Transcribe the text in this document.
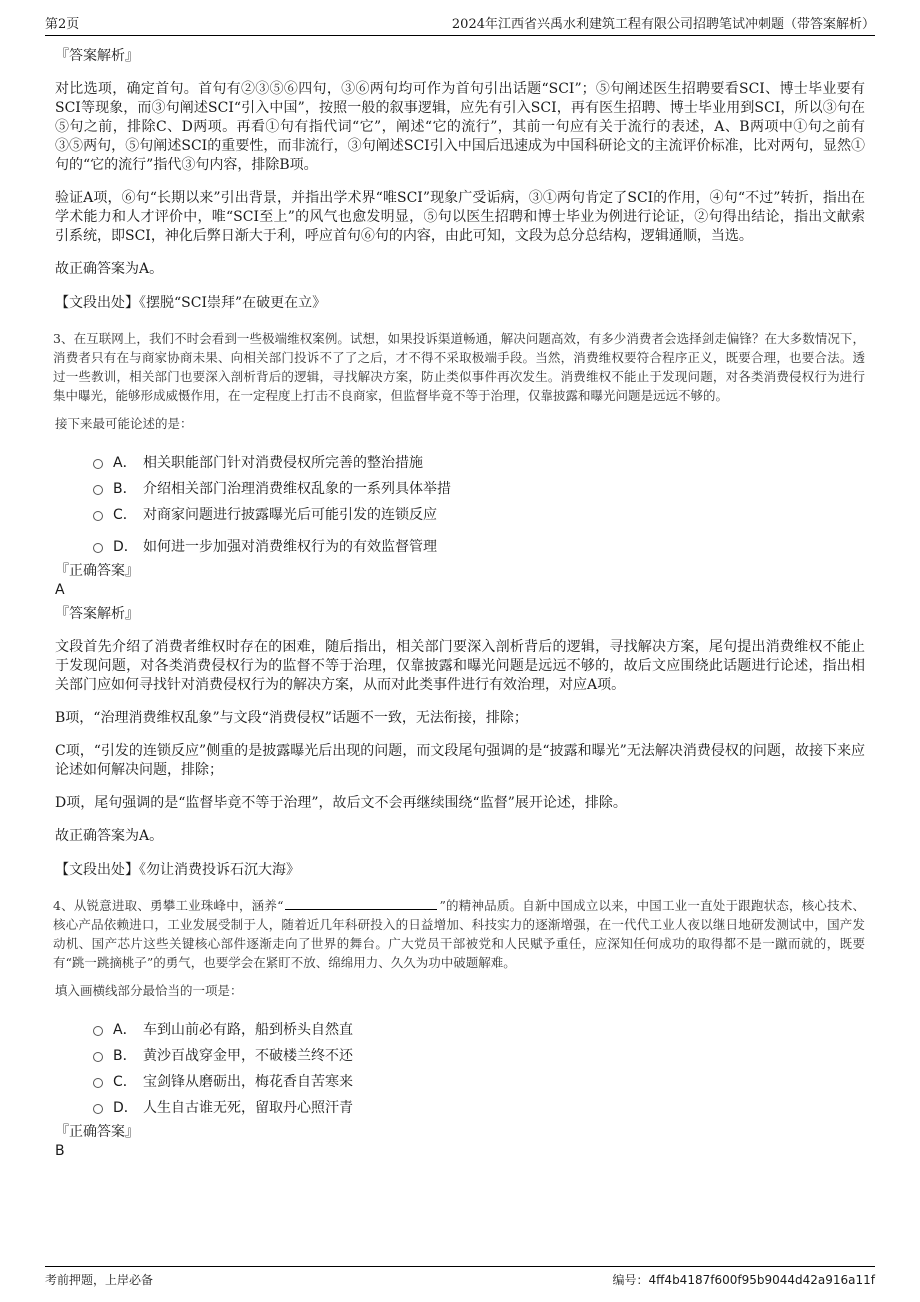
第2页	2024年江西省兴禹水利建筑工程有限公司招聘笔试冲刺题（带答案解析）
『答案解析』

对比选项，确定首句。首句有②③⑤⑥四句，③⑥两句均可作为首句引出话题“SCI”；⑤句阐述医生招聘要看SCI、博士毕业要有SCI等现象，而③句阐述SCI“引入中国”，按照一般的叙事逻辑，应先有引入SCI，再有医生招聘、博士毕业用到SCI，所以③句在⑤句之前，排除C、D两项。再看①句有指代词“它”，阐述“它的流行”，其前一句应有关于流行的表述，A、B两项中①句之前有③⑤两句，⑤句阐述SCI的重要性，而非流行，③句阐述SCI引入中国后迅速成为中国科研论文的主流评价标准，比对两句，显然①句的“它的流行”指代③句内容，排除B项。

验证A项，⑥句“长期以来”引出背景，并指出学术界“唯SCI”现象广受诟病，③①两句肯定了SCI的作用，④句“不过”转折，指出在学术能力和人才评价中，唯“SCI至上”的风气也愈发明显，⑤句以医生招聘和博士毕业为例进行论证，②句得出结论，指出文献索引系统，即SCI，神化后弊日渐大于利，呼应首句⑥句的内容，由此可知，文段为总分总结构，逻辑通顺，当选。

故正确答案为A。

【文段出处】《摆脱“SCI崇拜”在破更在立》

3、在互联网上，我们不时会看到一些极端维权案例。试想，如果投诉渠道畅通，解决问题高效，有多少消费者会选择剑走偏锋？在大多数情况下，消费者只有在与商家协商未果、向相关部门投诉不了了之后，才不得不采取极端手段。当然，消费维权要符合程序正义，既要合理，也要合法。透过一些教训，相关部门也要深入剖析背后的逻辑，寻找解决方案，防止类似事件再次发生。消费维权不能止于发现问题，对各类消费侵权行为进行集中曝光，能够形成威慑作用，在一定程度上打击不良商家，但监督毕竟不等于治理，仅靠披露和曝光问题是远远不够的。

接下来最可能论述的是：
A． 相关职能部门针对消费侵权所完善的整治措施
B． 介绍相关部门治理消费维权乱象的一系列具体举措
C． 对商家问题进行披露曝光后可能引发的连锁反应
D． 如何进一步加强对消费维权行为的有效监督管理
『正确答案』
A
『答案解析』

文段首先介绍了消费者维权时存在的困难，随后指出，相关部门要深入剖析背后的逻辑，寻找解决方案，尾句提出消费维权不能止于发现问题，对各类消费侵权行为的监督不等于治理，仅靠披露和曝光问题是远远不够的，故后文应围绕此话题进行论述，指出相关部门应如何寻找针对消费侵权行为的解决方案，从而对此类事件进行有效治理，对应A项。

B项，“治理消费维权乱象”与文段“消费侵权”话题不一致，无法衔接，排除；

C项，“引发的连锁反应”侧重的是披露曝光后出现的问题，而文段尾句强调的是“披露和曝光”无法解决消费侵权的问题，故接下来应论述如何解决问题，排除；

D项，尾句强调的是“监督毕竟不等于治理”，故后文不会再继续围绕“监督”展开论述，排除。

故正确答案为A。

【文段出处】《勿让消费投诉石沉大海》

4、从锐意进取、勇攀工业珠峰中，涵养“	”的精神品质。自新中国成立以来，中国工业一直处于跟跑状态，核心技术、核心产品依赖进口，工业发展受制于人，随着近几年科研投入的日益增加、科技实力的逐渐增强，在一代代工业人夜以继日地研发测试中，国产发动机、国产芯片这些关键核心部件逐渐走向了世界的舞台。广大党员干部被党和人民赋予重任，应深知任何成功的取得都不是一蹴而就的，既要有“跳一跳摘桃子”的勇气，也要学会在紧盯不放、绵绵用力、久久为功中破题解难。

填入画横线部分最恰当的一项是：
A． 车到山前必有路，船到桥头自然直
B． 黄沙百战穿金甲，不破楼兰终不还
C． 宝剑锋从磨砺出，梅花香自苦寒来
D． 人生自古谁无死，留取丹心照汗青
『正确答案』
B
考前押题，上岸必备	编号：4ff4b4187f600f95b9044d42a916a11f
